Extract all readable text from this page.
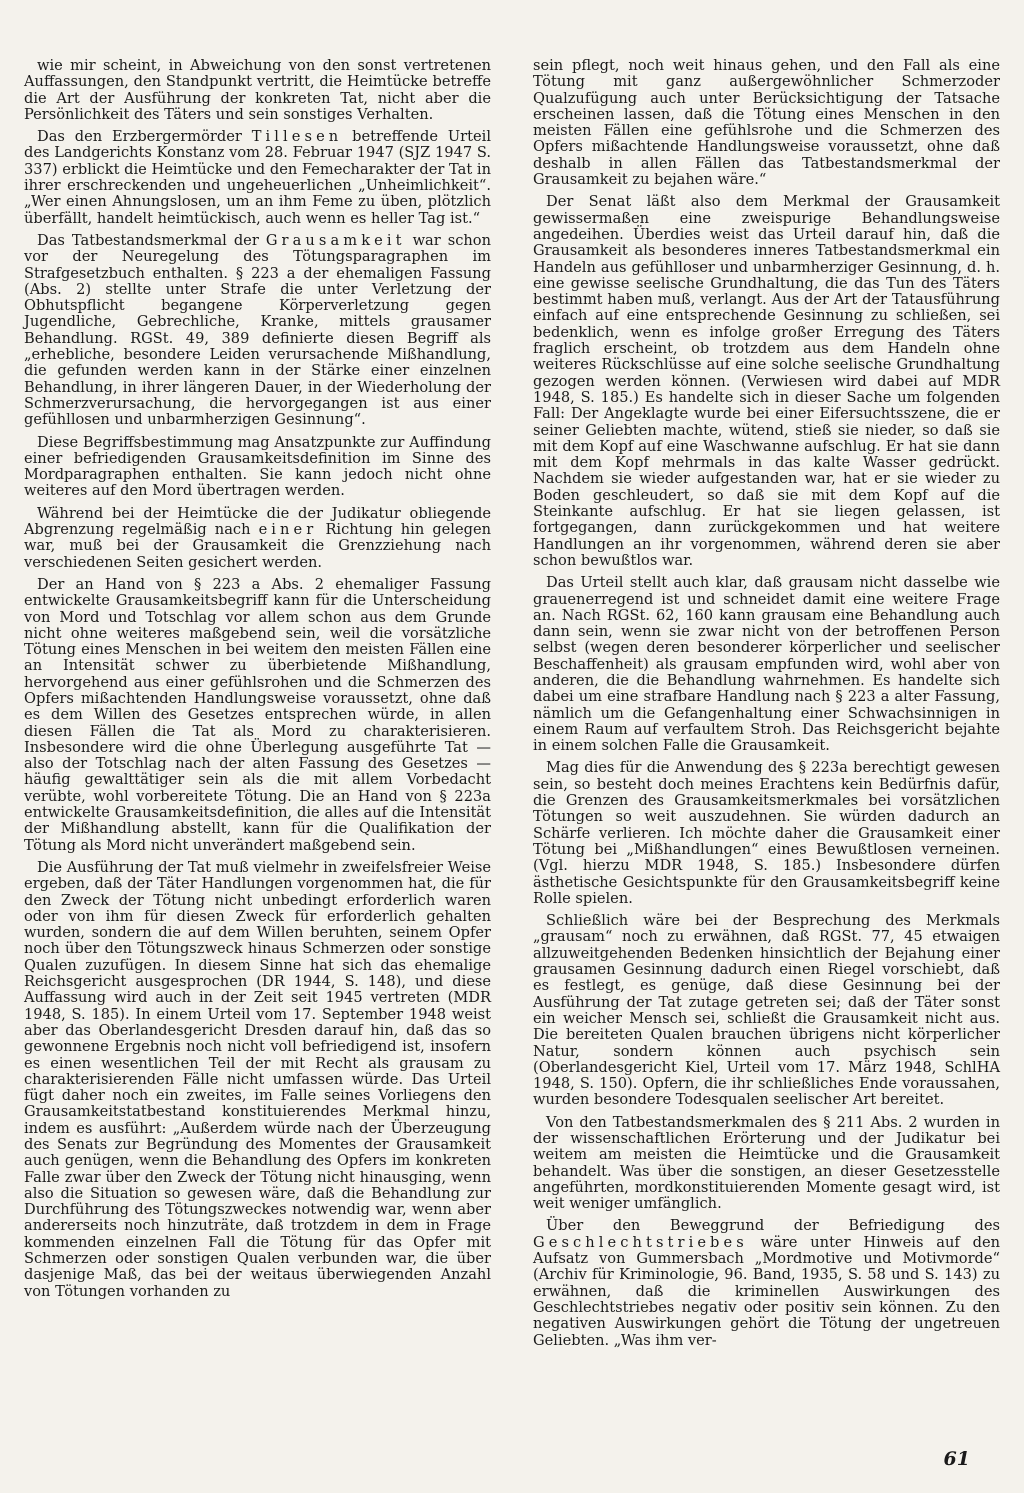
wie mir scheint, in Abweichung von den sonst vertretenen Auffassungen, den Standpunkt vertritt, die Heimtücke betreffe die Art der Ausführung der konkreten Tat, nicht aber die Persönlichkeit des Täters und sein sonstiges Verhalten.

Das den Erzbergermörder Tillesen betreffende Urteil des Landgerichts Konstanz vom 28. Februar 1947 (SJZ 1947 S. 337) erblickt die Heimtücke und den Femecharakter der Tat in ihrer erschreckenden und ungeheuerlichen „Unheimlichkeit“. „Wer einen Ahnungslosen, um an ihm Feme zu üben, plötzlich überfällt, handelt heimtückisch, auch wenn es heller Tag ist.“

Das Tatbestandsmerkmal der Grausamkeit war schon vor der Neuregelung des Tötungsparagraphen im Strafgesetzbuch enthalten. § 223 a der ehemaligen Fassung (Abs. 2) stellte unter Strafe die unter Verletzung der Obhutspflicht begangene Körperverletzung gegen Jugendliche, Gebrechliche, Kranke, mittels grausamer Behandlung. RGSt. 49, 389 definierte diesen Begriff als „erhebliche, besondere Leiden verursachende Mißhandlung, die gefunden werden kann in der Stärke einer einzelnen Behandlung, in ihrer längeren Dauer, in der Wiederholung der Schmerzverursachung, die hervorgegangen ist aus einer gefühllosen und unbarmherzigen Gesinnung“.

Diese Begriffsbestimmung mag Ansatzpunkte zur Auffindung einer befriedigenden Grausamkeitsdefinition im Sinne des Mordparagraphen enthalten. Sie kann jedoch nicht ohne weiteres auf den Mord übertragen werden.

Während bei der Heimtücke die der Judikatur obliegende Abgrenzung regelmäßig nach einer Richtung hin gelegen war, muß bei der Grausamkeit die Grenzziehung nach verschiedenen Seiten gesichert werden.

Der an Hand von § 223 a Abs. 2 ehemaliger Fassung entwickelte Grausamkeitsbegriff kann für die Unterscheidung von Mord und Totschlag vor allem schon aus dem Grunde nicht ohne weiteres maßgebend sein, weil die vorsätzliche Tötung eines Menschen in bei weitem den meisten Fällen eine an Intensität schwer zu überbietende Mißhandlung, hervorgehend aus einer gefühlsrohen und die Schmerzen des Opfers mißachtenden Handlungsweise voraussetzt, ohne daß es dem Willen des Gesetzes entsprechen würde, in allen diesen Fällen die Tat als Mord zu charakterisieren. Insbesondere wird die ohne Überlegung ausgeführte Tat — also der Totschlag nach der alten Fassung des Gesetzes — häufig gewalttätiger sein als die mit allem Vorbedacht verübte, wohl vorbereitete Tötung. Die an Hand von § 223a entwickelte Grausamkeitsdefinition, die alles auf die Intensität der Mißhandlung abstellt, kann für die Qualifikation der Tötung als Mord nicht unverändert maßgebend sein.

Die Ausführung der Tat muß vielmehr in zweifelsfreier Weise ergeben, daß der Täter Handlungen vorgenommen hat, die für den Zweck der Tötung nicht unbedingt erforderlich waren oder von ihm für diesen Zweck für erforderlich gehalten wurden, sondern die auf dem Willen beruhten, seinem Opfer noch über den Tötungszweck hinaus Schmerzen oder sonstige Qualen zuzufügen. In diesem Sinne hat sich das ehemalige Reichsgericht ausgesprochen (DR 1944, S. 148), und diese Auffassung wird auch in der Zeit seit 1945 vertreten (MDR 1948, S. 185). In einem Urteil vom 17. September 1948 weist aber das Oberlandesgericht Dresden darauf hin, daß das so gewonnene Ergebnis noch nicht voll befriedigend ist, insofern es einen wesentlichen Teil der mit Recht als grausam zu charakterisierenden Fälle nicht umfassen würde. Das Urteil fügt daher noch ein zweites, im Falle seines Vorliegens den Grausamkeitstatbestand konstituierendes Merkmal hinzu, indem es ausführt: „Außerdem würde nach der Überzeugung des Senats zur Begründung des Momentes der Grausamkeit auch genügen, wenn die Behandlung des Opfers im konkreten Falle zwar über den Zweck der Tötung nicht hinausging, wenn also die Situation so gewesen wäre, daß die Behandlung zur Durchführung des Tötungszweckes notwendig war, wenn aber andererseits noch hinzuträte, daß trotzdem in dem in Frage kommenden einzelnen Fall die Tötung für das Opfer mit Schmerzen oder sonstigen Qualen verbunden war, die über dasjenige Maß, das bei der weitaus überwiegenden Anzahl von Tötungen vorhanden zu

sein pflegt, noch weit hinaus gehen, und den Fall als eine Tötung mit ganz außergewöhnlicher Schmerzoder Qualzufügung auch unter Berücksichtigung der Tatsache erscheinen lassen, daß die Tötung eines Menschen in den meisten Fällen eine gefühlsrohe und die Schmerzen des Opfers mißachtende Handlungsweise voraussetzt, ohne daß deshalb in allen Fällen das Tatbestandsmerkmal der Grausamkeit zu bejahen wäre.“

Der Senat läßt also dem Merkmal der Grausamkeit gewissermaßen eine zweispurige Behandlungsweise angedeihen. Überdies weist das Urteil darauf hin, daß die Grausamkeit als besonderes inneres Tatbestandsmerkmal ein Handeln aus gefühlloser und unbarmherziger Gesinnung, d. h. eine gewisse seelische Grundhaltung, die das Tun des Täters bestimmt haben muß, verlangt. Aus der Art der Tatausführung einfach auf eine entsprechende Gesinnung zu schließen, sei bedenklich, wenn es infolge großer Erregung des Täters fraglich erscheint, ob trotzdem aus dem Handeln ohne weiteres Rückschlüsse auf eine solche seelische Grundhaltung gezogen werden können. (Verwiesen wird dabei auf MDR 1948, S. 185.) Es handelte sich in dieser Sache um folgenden Fall: Der Angeklagte wurde bei einer Eifersuchtsszene, die er seiner Geliebten machte, wütend, stieß sie nieder, so daß sie mit dem Kopf auf eine Waschwanne aufschlug. Er hat sie dann mit dem Kopf mehrmals in das kalte Wasser gedrückt. Nachdem sie wieder aufgestanden war, hat er sie wieder zu Boden geschleudert, so daß sie mit dem Kopf auf die Steinkante aufschlug. Er hat sie liegen gelassen, ist fortgegangen, dann zurückgekommen und hat weitere Handlungen an ihr vorgenommen, während deren sie aber schon bewußtlos war.

Das Urteil stellt auch klar, daß grausam nicht dasselbe wie grauenerregend ist und schneidet damit eine weitere Frage an. Nach RGSt. 62, 160 kann grausam eine Behandlung auch dann sein, wenn sie zwar nicht von der betroffenen Person selbst (wegen deren besonderer körperlicher und seelischer Beschaffenheit) als grausam empfunden wird, wohl aber von anderen, die die Behandlung wahrnehmen. Es handelte sich dabei um eine strafbare Handlung nach § 223 a alter Fassung, nämlich um die Gefangenhaltung einer Schwachsinnigen in einem Raum auf verfaultem Stroh. Das Reichsgericht bejahte in einem solchen Falle die Grausamkeit.

Mag dies für die Anwendung des § 223a berechtigt gewesen sein, so besteht doch meines Erachtens kein Bedürfnis dafür, die Grenzen des Grausamkeitsmerkmales bei vorsätzlichen Tötungen so weit auszudehnen. Sie würden dadurch an Schärfe verlieren. Ich möchte daher die Grausamkeit einer Tötung bei „Mißhandlungen“ eines Bewußtlosen verneinen. (Vgl. hierzu MDR 1948, S. 185.) Insbesondere dürfen ästhetische Gesichtspunkte für den Grausamkeitsbegriff keine Rolle spielen.

Schließlich wäre bei der Besprechung des Merkmals „grausam“ noch zu erwähnen, daß RGSt. 77, 45 etwaigen allzuweitgehenden Bedenken hinsichtlich der Bejahung einer grausamen Gesinnung dadurch einen Riegel vorschiebt, daß es festlegt, es genüge, daß diese Gesinnung bei der Ausführung der Tat zutage getreten sei; daß der Täter sonst ein weicher Mensch sei, schließt die Grausamkeit nicht aus. Die bereiteten Qualen brauchen übrigens nicht körperlicher Natur, sondern können auch psychisch sein (Oberlandesgericht Kiel, Urteil vom 17. März 1948, SchlHA 1948, S. 150). Opfern, die ihr schließliches Ende voraussahen, wurden besondere Todesqualen seelischer Art bereitet.

Von den Tatbestandsmerkmalen des § 211 Abs. 2 wurden in der wissenschaftlichen Erörterung und der Judikatur bei weitem am meisten die Heimtücke und die Grausamkeit behandelt. Was über die sonstigen, an dieser Gesetzesstelle angeführten, mordkonstituierenden Momente gesagt wird, ist weit weniger umfänglich.

Über den Beweggrund der Befriedigung des Geschlechtstriebes wäre unter Hinweis auf den Aufsatz von Gummersbach „Mordmotive und Motivmorde“ (Archiv für Kriminologie, 96. Band, 1935, S. 58 und S. 143) zu erwähnen, daß die kriminellen Auswirkungen des Geschlechtstriebes negativ oder positiv sein können. Zu den negativen Auswirkungen gehört die Tötung der ungetreuen Geliebten. „Was ihm ver-

61
